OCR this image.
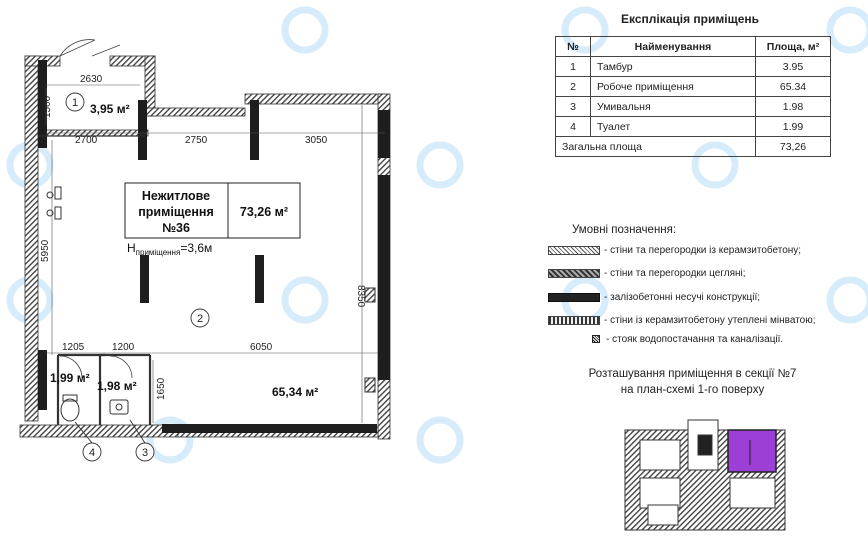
2630
1500
2700	2750	3050
5950
8350
1205	1200	6050
1650
Нежитлове
приміщення
№36
73,26 м²
$Н_{приміщення}=3,6м$
3,95 м²
65,34 м²
1,98 м²
1,99 м²
1
2
3
4
Експлікація приміщень
№	Найменування	Площа, м²
1	Тамбур	3.95
2	Робоче приміщення	65.34
3	Умивальня	1.98
4	Туалет	1.99
Загальна площа		73,26
Умовні позначення:
- стіни та перегородки із керамзитобетону;
- стіни та перегородки цегляні;
- залізобетонні несучі конструкції;
- стіни із керамзитобетону утеплені мінватою;
- стояк водопостачання та каналізації.
Розташування приміщення в секції №7
на план-схемі 1-го поверху
